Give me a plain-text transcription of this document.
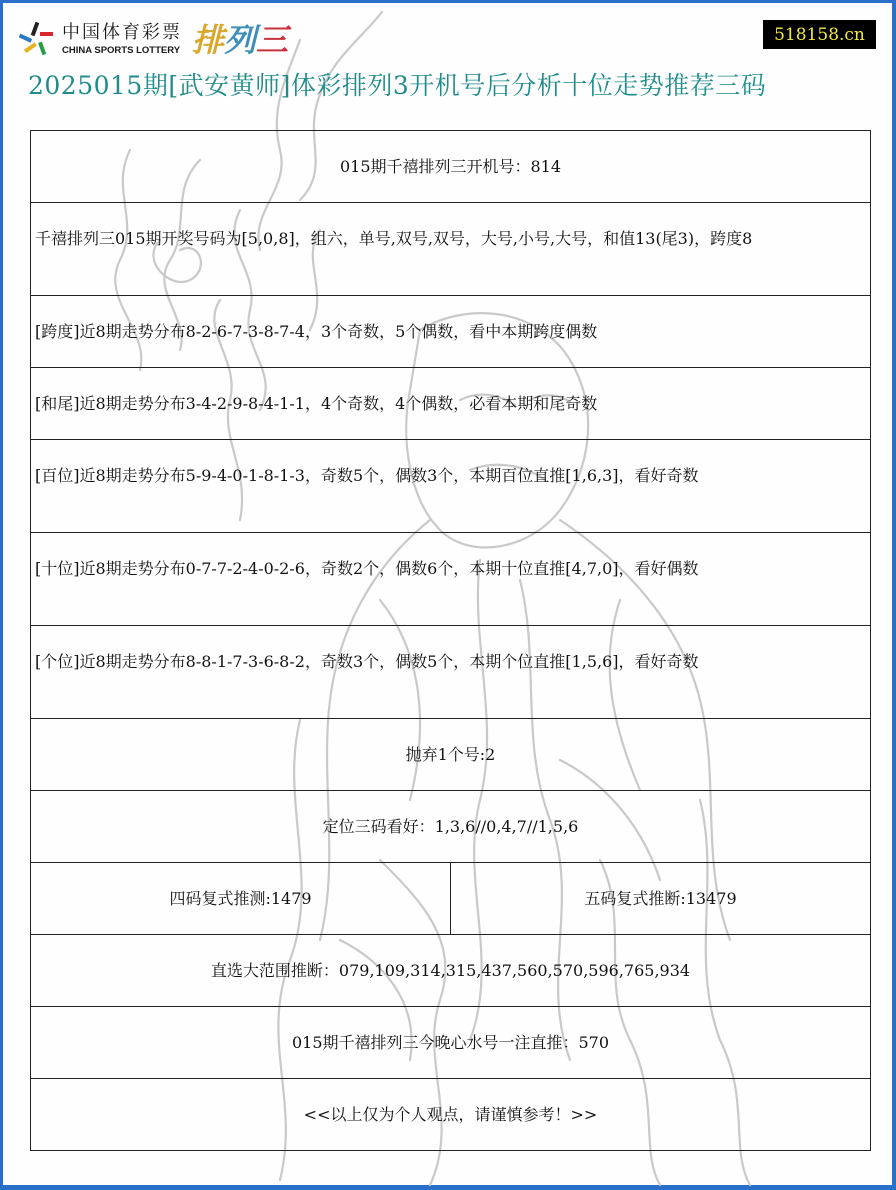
中国体育彩票
CHINA SPORTS LOTTERY 排 列 三	518158.cn
2025015期[武安黄师]体彩排列3开机号后分析十位走势推荐三码
015期千禧排列三开机号：814

千禧排列三015期开奖号码为[5,0,8]，组六，单号,双号,双号，大号,小号,大号，和值13(尾3)，跨度8

[跨度]近8期走势分布8-2-6-7-3-8-7-4，3个奇数，5个偶数，看中本期跨度偶数
[和尾]近8期走势分布3-4-2-9-8-4-1-1，4个奇数，4个偶数，必看本期和尾奇数

[百位]近8期走势分布5-9-4-0-1-8-1-3，奇数5个，偶数3个，本期百位直推[1,6,3]，看好奇数

[十位]近8期走势分布0-7-7-2-4-0-2-6，奇数2个，偶数6个，本期十位直推[4,7,0]，看好偶数

[个位]近8期走势分布8-8-1-7-3-6-8-2，奇数3个，偶数5个，本期个位直推[1,5,6]，看好奇数

抛弃1个号:2
定位三码看好：1,3,6//0,4,7//1,5,6
四码复式推测:1479	五码复式推断:13479
直选大范围推断：079,109,314,315,437,560,570,596,765,934
015期千禧排列三今晚心水号一注直推：570
<<以上仅为个人观点，请谨慎参考！>>
